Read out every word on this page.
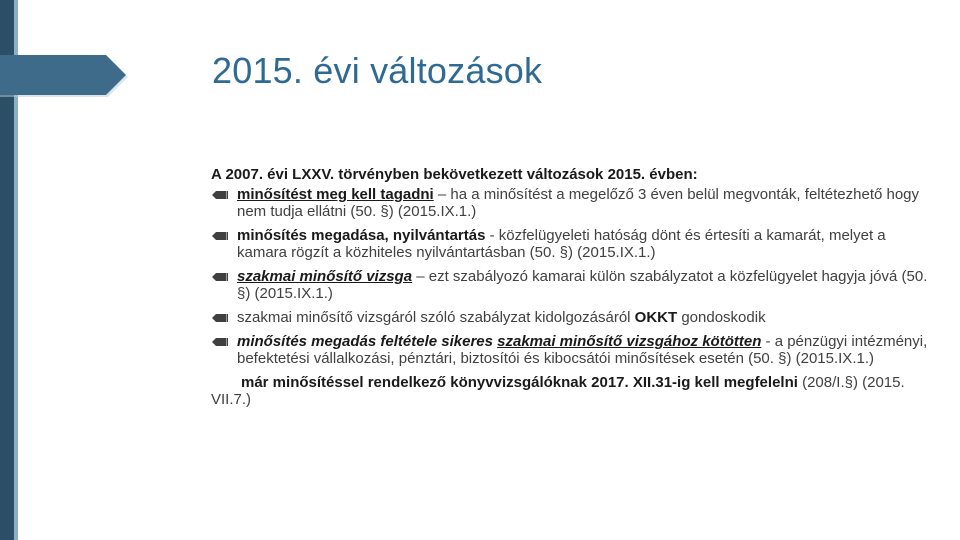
2015. évi változások

A 2007. évi LXXV. törvényben bekövetkezett változások 2015. évben:

minősítést meg kell tagadni – ha a minősítést a megelőző 3 éven belül megvonták, feltétezhető hogy nem tudja ellátni (50. §) (2015.IX.1.)
minősítés megadása, nyilvántartás - közfelügyeleti hatóság dönt és értesíti a kamarát, melyet a kamara rögzít a közhiteles nyilvántartásban (50. §) (2015.IX.1.)
szakmai minősítő vizsga – ezt szabályozó kamarai külön szabályzatot a közfelügyelet hagyja jóvá (50. §) (2015.IX.1.)
szakmai minősítő vizsgáról szóló szabályzat kidolgozásáról OKKT gondoskodik
minősítés megadás feltétele sikeres szakmai minősítő vizsgához kötötten - a pénzügyi intézményi, befektetési vállalkozási, pénztári, biztosítói és kibocsátói minősítések esetén (50. §) (2015.IX.1.)
már minősítéssel rendelkező könyvvizsgálóknak 2017. XII.31-ig kell megfelelni (208/I.§) (2015. VII.7.)
